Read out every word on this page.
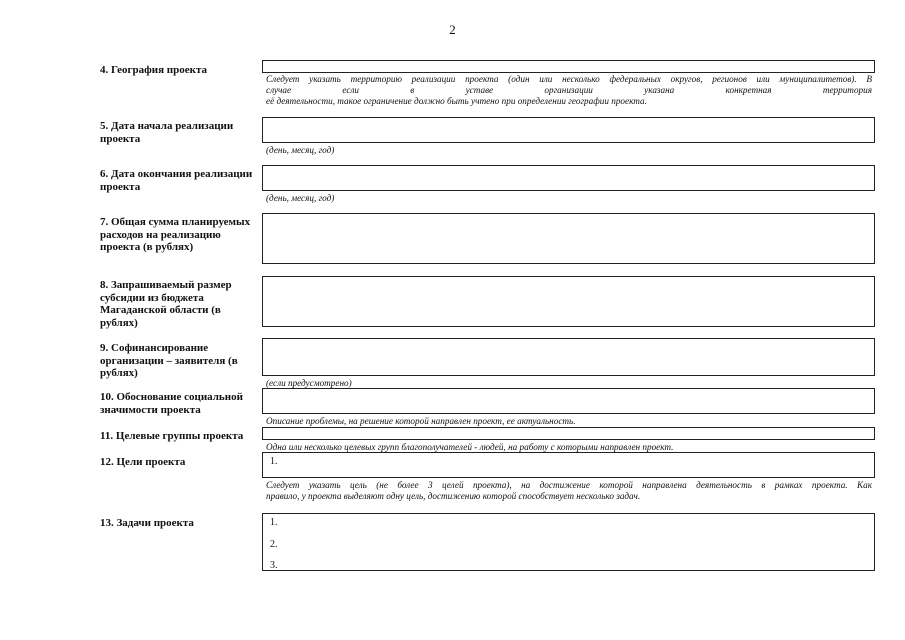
2
4. География проекта
Следует указать территорию реализации проекта (один или несколько федеральных округов, регионов или муниципалитетов). В
случае если в уставе организации указана конкретная территория
её деятельности, такое ограничение должно быть учтено при определении географии проекта.
5. Дата начала реализации проекта
(день, месяц, год)
6. Дата окончания реализации проекта
(день, месяц, год)
7. Общая сумма планируемых расходов на реализацию проекта (в рублях)
8. Запрашиваемый размер субсидии из бюджета Магаданской области (в рублях)
9. Софинансирование организации – заявителя (в рублях)
(если предусмотрено)
10. Обоснование социальной значимости проекта
Описание проблемы, на решение которой направлен проект, ее актуальность.
11. Целевые группы проекта
Одна или несколько целевых групп благополучателей - людей, на работу с которыми направлен проект.
12. Цели проекта	1.
Следует указать цель (не более 3 целей проекта), на достижение которой направлена деятельность в рамках проекта. Как
правило, у проекта выделяют одну цель, достижению которой способствует несколько задач.
13. Задачи проекта	1.
2.
3.
